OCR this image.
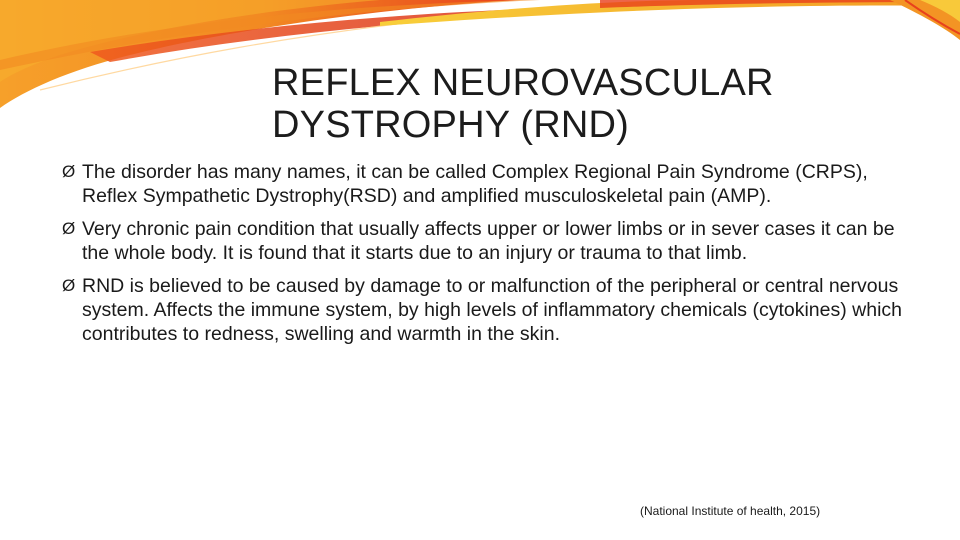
REFLEX NEUROVASCULAR
DYSTROPHY (RND)
Ø The disorder has many names, it can be called Complex Regional Pain Syndrome (CRPS), Reflex Sympathetic Dystrophy(RSD) and amplified musculoskeletal pain (AMP).
Ø Very chronic pain condition that usually affects upper or lower limbs or in sever cases it can be the whole body. It is found that it starts due to an injury or trauma to that limb.
Ø RND is believed to be caused by damage to or malfunction of the peripheral or central nervous system. Affects the immune system, by high levels of inflammatory chemicals (cytokines) which contributes to redness, swelling and warmth in the skin.
(National Institute of health, 2015)
